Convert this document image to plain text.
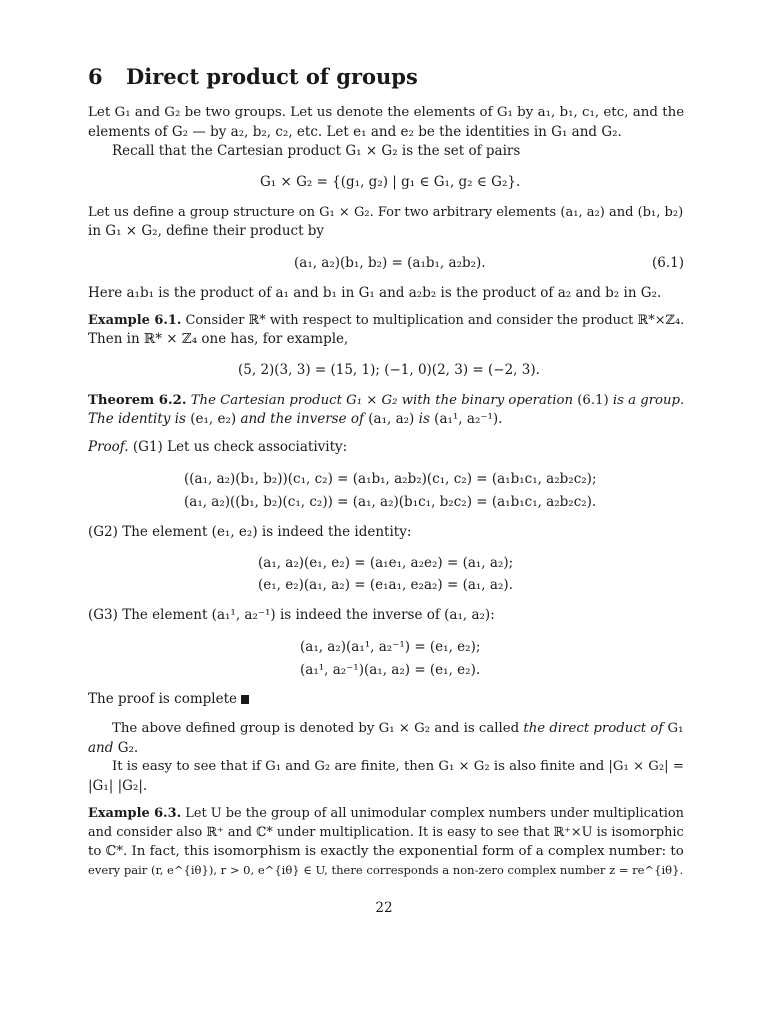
6 Direct product of groups

Let G₁ and G₂ be two groups. Let us denote the elements of G₁ by a₁, b₁, c₁, etc, and the

elements of G₂ — by a₂, b₂, c₂, etc. Let e₁ and e₂ be the identities in G₁ and G₂.

Recall that the Cartesian product G₁ × G₂ is the set of pairs

G₁ × G₂ = {(g₁, g₂) | g₁ ∈ G₁, g₂ ∈ G₂}.

Let us define a group structure on G₁ × G₂. For two arbitrary elements (a₁, a₂) and (b₁, b₂)

in G₁ × G₂, define their product by

(a₁, a₂)(b₁, b₂) = (a₁b₁, a₂b₂).	(6.1)

Here a₁b₁ is the product of a₁ and b₁ in G₁ and a₂b₂ is the product of a₂ and b₂ in G₂.

Example 6.1. Consider ℝ* with respect to multiplication and consider the product ℝ*×ℤ₄.

Then in ℝ* × ℤ₄ one has, for example,

(5, 2)(3, 3) = (15, 1); (−1, 0)(2, 3) = (−2, 3).

Theorem 6.2. The Cartesian product G₁ × G₂ with the binary operation (6.1) is a group.

The identity is (e₁, e₂) and the inverse of (a₁, a₂) is (a₁¹, a₂⁻¹).

Proof. (G1) Let us check associativity:

((a₁, a₂)(b₁, b₂))(c₁, c₂) = (a₁b₁, a₂b₂)(c₁, c₂) = (a₁b₁c₁, a₂b₂c₂);

(a₁, a₂)((b₁, b₂)(c₁, c₂)) = (a₁, a₂)(b₁c₁, b₂c₂) = (a₁b₁c₁, a₂b₂c₂).

(G2) The element (e₁, e₂) is indeed the identity:

(a₁, a₂)(e₁, e₂) = (a₁e₁, a₂e₂) = (a₁, a₂);

(e₁, e₂)(a₁, a₂) = (e₁a₁, e₂a₂) = (a₁, a₂).

(G3) The element (a₁¹, a₂⁻¹) is indeed the inverse of (a₁, a₂):

(a₁, a₂)(a₁¹, a₂⁻¹) = (e₁, e₂);

(a₁¹, a₂⁻¹)(a₁, a₂) = (e₁, e₂).

The proof is complete

The above defined group is denoted by G₁ × G₂ and is called the direct product of G₁

and G₂.

It is easy to see that if G₁ and G₂ are finite, then G₁ × G₂ is also finite and |G₁ × G₂| =

|G₁| |G₂|.

Example 6.3. Let U be the group of all unimodular complex numbers under multiplication

and consider also ℝ⁺ and ℂ* under multiplication. It is easy to see that ℝ⁺×U is isomorphic

to ℂ*. In fact, this isomorphism is exactly the exponential form of a complex number: to

every pair (r, e^{iθ}), r > 0, e^{iθ} ∈ U, there corresponds a non-zero complex number z = re^{iθ}.

22
